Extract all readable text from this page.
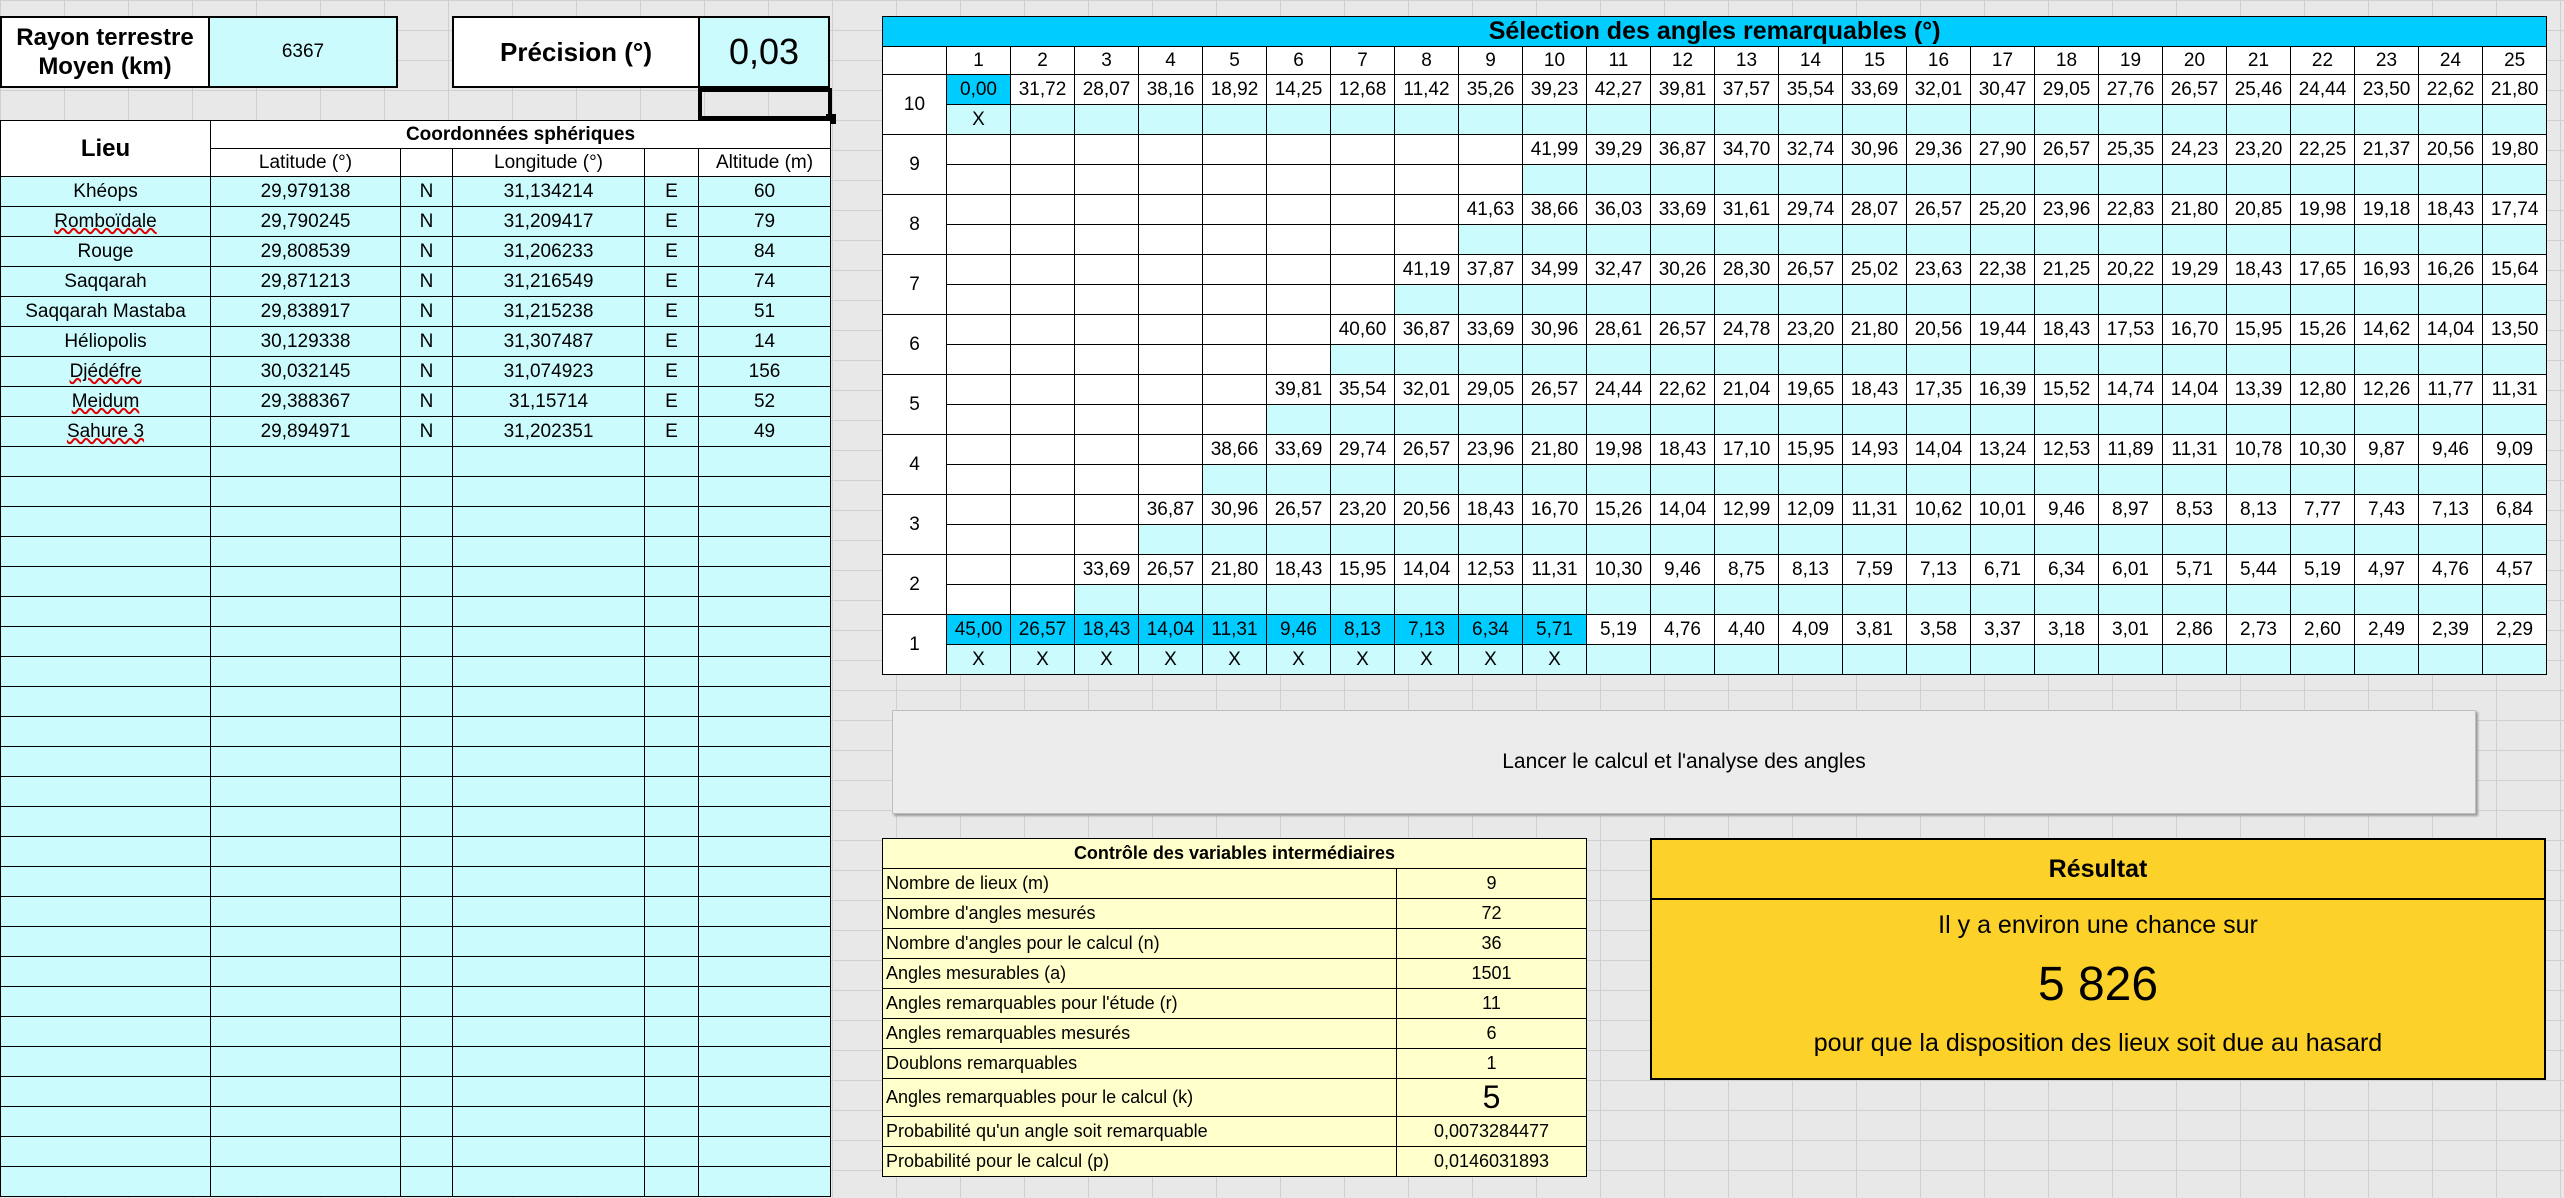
Rayon terrestre Moyen (km)
6367	Précision (°)	0,03
Lieu	Coordonnées sphériques				
	Latitude (°)		Longitude (°)		Altitude (m)
Khéops	29,979138	N	31,134214	E	60
Romboïdale	29,790245	N	31,209417	E	79
Rouge	29,808539	N	31,206233	E	84
Saqqarah	29,871213	N	31,216549	E	74
Saqqarah Mastaba	29,838917	N	31,215238	E	51
Héliopolis	30,129338	N	31,307487	E	14
Djédéfre	30,032145	N	31,074923	E	156
Meidum	29,388367	N	31,15714	E	52
Sahure 3	29,894971	N	31,202351	E	49

Sélection des angles remarquables (°)																									
	1	2	3	4	5	6	7	8	9	10	11	12	13	14	15	16	17	18	19	20	21	22	23	24	25
10	0,00	31,72	28,07	38,16	18,92	14,25	12,68	11,42	35,26	39,23	42,27	39,81	37,57	35,54	33,69	32,01	30,47	29,05	27,76	26,57	25,46	24,44	23,50	22,62	21,80
	X																								
9										41,99	39,29	36,87	34,70	32,74	30,96	29,36	27,90	26,57	25,35	24,23	23,20	22,25	21,37	20,56	19,80

8									41,63	38,66	36,03	33,69	31,61	29,74	28,07	26,57	25,20	23,96	22,83	21,80	20,85	19,98	19,18	18,43	17,74

7								41,19	37,87	34,99	32,47	30,26	28,30	26,57	25,02	23,63	22,38	21,25	20,22	19,29	18,43	17,65	16,93	16,26	15,64

6							40,60	36,87	33,69	30,96	28,61	26,57	24,78	23,20	21,80	20,56	19,44	18,43	17,53	16,70	15,95	15,26	14,62	14,04	13,50

5						39,81	35,54	32,01	29,05	26,57	24,44	22,62	21,04	19,65	18,43	17,35	16,39	15,52	14,74	14,04	13,39	12,80	12,26	11,77	11,31

4					38,66	33,69	29,74	26,57	23,96	21,80	19,98	18,43	17,10	15,95	14,93	14,04	13,24	12,53	11,89	11,31	10,78	10,30	9,87	9,46	9,09

3				36,87	30,96	26,57	23,20	20,56	18,43	16,70	15,26	14,04	12,99	12,09	11,31	10,62	10,01	9,46	8,97	8,53	8,13	7,77	7,43	7,13	6,84

2			33,69	26,57	21,80	18,43	15,95	14,04	12,53	11,31	10,30	9,46	8,75	8,13	7,59	7,13	6,71	6,34	6,01	5,71	5,44	5,19	4,97	4,76	4,57

1	45,00	26,57	18,43	14,04	11,31	9,46	8,13	7,13	6,34	5,71	5,19	4,76	4,40	4,09	3,81	3,58	3,37	3,18	3,01	2,86	2,73	2,60	2,49	2,39	2,29
	X	X	X	X	X	X	X	X	X	X															
Lancer le calcul et l'analyse des angles
Contrôle des variables intermédiaires	
Nombre de lieux (m)	9
Nombre d'angles mesurés	72
Nombre d'angles pour le calcul (n)	36
Angles mesurables (a)	1501
Angles remarquables pour l'étude (r)	11
Angles remarquables mesurés	6
Doublons remarquables	1
Angles remarquables pour le calcul (k)	5
Probabilité qu'un angle soit remarquable	0,0073284477
Probabilité pour le calcul (p)	0,0146031893
Résultat
Il y a environ une chance sur
5 826
pour que la disposition des lieux soit due au hasard
